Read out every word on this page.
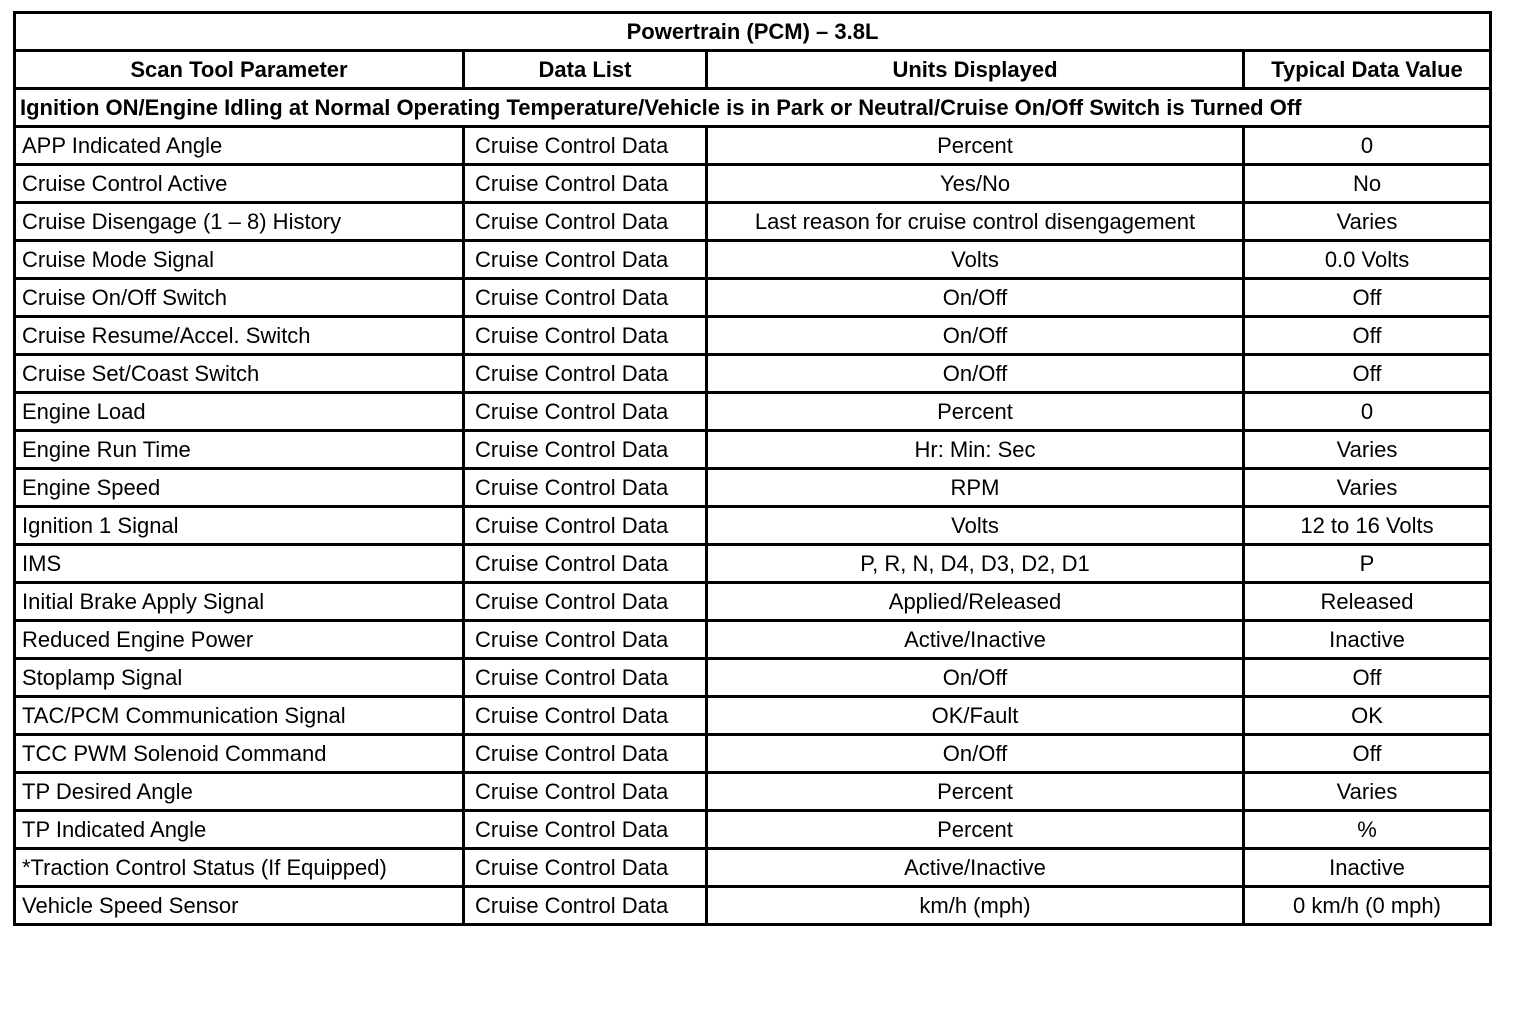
Powertrain (PCM) – 3.8L			
Scan Tool Parameter	Data List	Units Displayed	Typical Data Value
Ignition ON/Engine Idling at Normal Operating Temperature/Vehicle is in Park or Neutral/Cruise On/Off Switch is Turned Off			
APP Indicated Angle	Cruise Control Data	Percent	0
Cruise Control Active	Cruise Control Data	Yes/No	No
Cruise Disengage (1 – 8) History	Cruise Control Data	Last reason for cruise control disengagement	Varies
Cruise Mode Signal	Cruise Control Data	Volts	0.0 Volts
Cruise On/Off Switch	Cruise Control Data	On/Off	Off
Cruise Resume/Accel. Switch	Cruise Control Data	On/Off	Off
Cruise Set/Coast Switch	Cruise Control Data	On/Off	Off
Engine Load	Cruise Control Data	Percent	0
Engine Run Time	Cruise Control Data	Hr: Min: Sec	Varies
Engine Speed	Cruise Control Data	RPM	Varies
Ignition 1 Signal	Cruise Control Data	Volts	12 to 16 Volts
IMS	Cruise Control Data	P, R, N, D4, D3, D2, D1	P
Initial Brake Apply Signal	Cruise Control Data	Applied/Released	Released
Reduced Engine Power	Cruise Control Data	Active/Inactive	Inactive
Stoplamp Signal	Cruise Control Data	On/Off	Off
TAC/PCM Communication Signal	Cruise Control Data	OK/Fault	OK
TCC PWM Solenoid Command	Cruise Control Data	On/Off	Off
TP Desired Angle	Cruise Control Data	Percent	Varies
TP Indicated Angle	Cruise Control Data	Percent	%
*Traction Control Status (If Equipped)	Cruise Control Data	Active/Inactive	Inactive
Vehicle Speed Sensor	Cruise Control Data	km/h (mph)	0 km/h (0 mph)
